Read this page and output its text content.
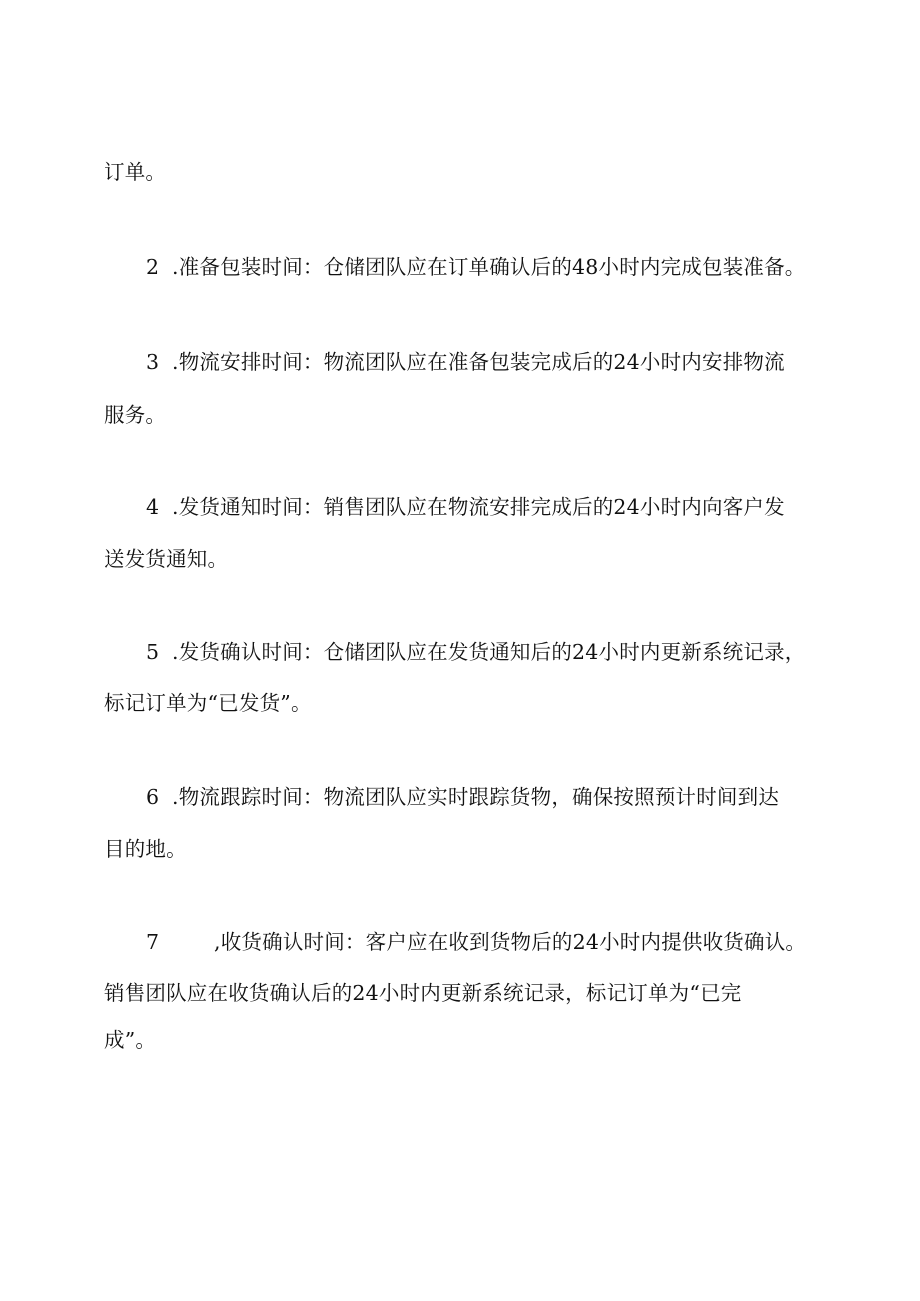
订单。
2 .准备包装时间：仓储团队应在订单确认后的48小时内完成包装准备。
3 .物流安排时间：物流团队应在准备包装完成后的24小时内安排物流
服务。
4 .发货通知时间：销售团队应在物流安排完成后的24小时内向客户发
送发货通知。
5 .发货确认时间：仓储团队应在发货通知后的24小时内更新系统记录，
标记订单为“已发货”。
6 .物流跟踪时间：物流团队应实时跟踪货物，确保按照预计时间到达
目的地。
7	,收货确认时间：客户应在收到货物后的24小时内提供收货确认。
销售团队应在收货确认后的24小时内更新系统记录，标记订单为“已完
成”。
